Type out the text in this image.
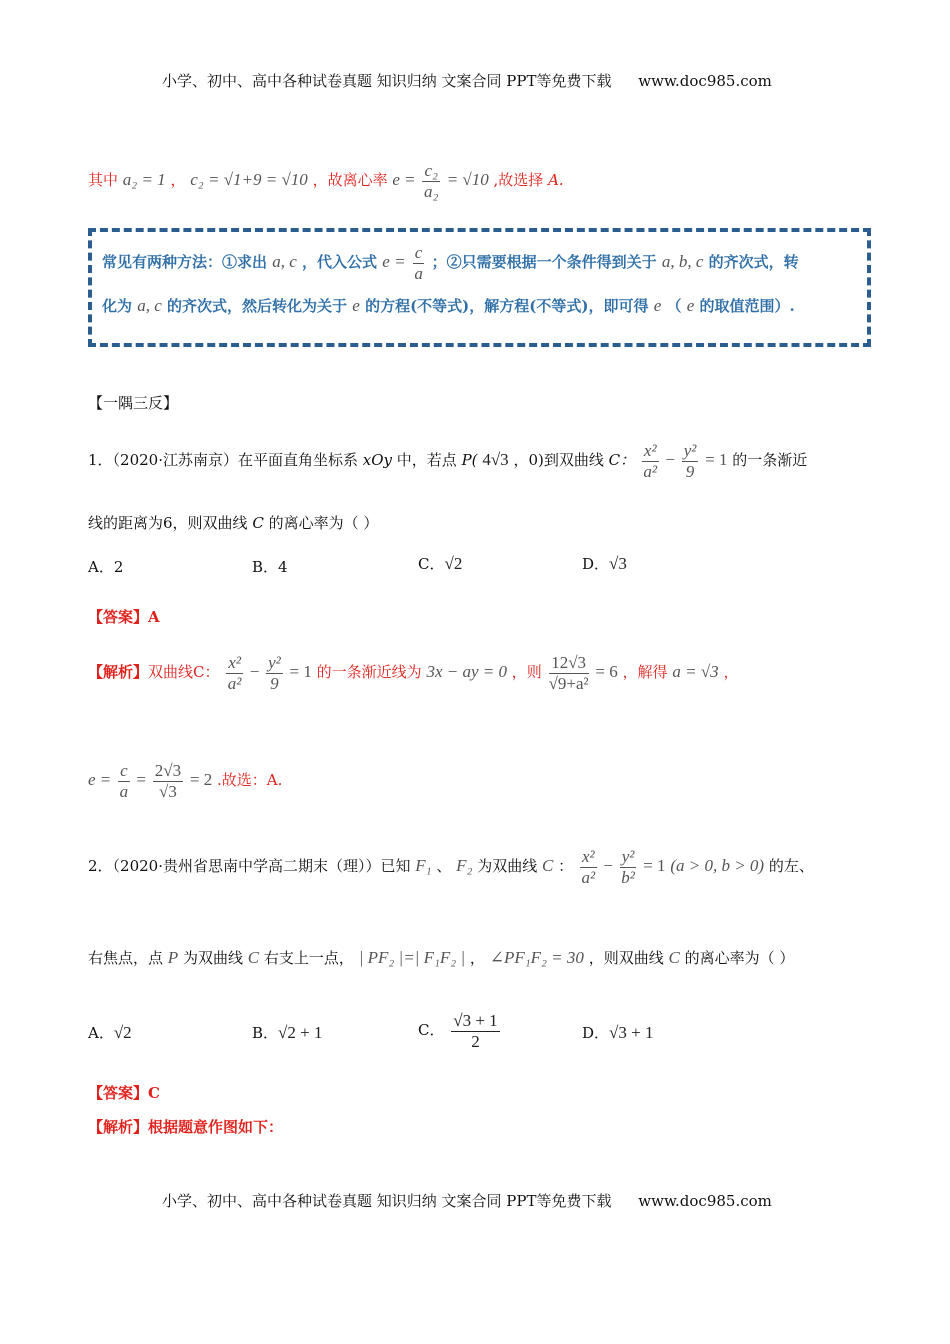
小学、初中、高中各种试卷真题 知识归纳 文案合同 PPT等免费下载 www.doc985.com
其中 a₂ = 1 ， c₂ = √1+9 = √10 ，故离心率 $e = \frac{\text{c₂}}{\text{a₂}} = √10$ ,故选择 A.
常见有两种方法：①求出 a, c ，代入公式 $e = \frac{c}{a}$ ；②只需要根据一个条件得到关于 a, b, c 的齐次式，转
化为 a, c 的齐次式，然后转化为关于 e 的方程(不等式)，解方程(不等式)，即可得 e （ e 的取值范围）.
【一隅三反】
1．（2020·江苏南京）在平面直角坐标系 xOy 中，若点 P( 4√3 ，0)到双曲线 C： $\frac{\text{x²}}{\text{a²}} - \frac{\text{y²}}{9} = 1$ 的一条渐近
线的距离为6，则双曲线 C 的离心率为（ ）
A．2	B．4	C．√2	D．√3
【答案】A
【解析】双曲线C： $\frac{\text{x²}}{\text{a²}} - \frac{\text{y²}}{9} = 1$ 的一条渐近线为 3x − ay = 0 ，则 $\frac{12√3}{\text{√9+a²}} = 6$ ，解得 a = √3 ，
$e = \frac{c}{a} = \frac{2√3}{√3} = 2$ .故选：A.
2．（2020·贵州省思南中学高二期末（理））已知 F₁ 、 F₂ 为双曲线 C ： $\frac{\text{x²}}{\text{a²}} - \frac{\text{y²}}{\text{b²}} = 1$ (a > 0, b > 0) 的左、
右焦点，点 P 为双曲线 C 右支上一点， | PF₂ |=| F₁F₂ | ， ∠PF₁F₂ = 30 ，则双曲线 C 的离心率为（ ）
A．√2	B．√2 + 1	C． $\frac{√3 + 1}{2}$	D．√3 + 1
【答案】C
【解析】根据题意作图如下：
小学、初中、高中各种试卷真题 知识归纳 文案合同 PPT等免费下载 www.doc985.com
